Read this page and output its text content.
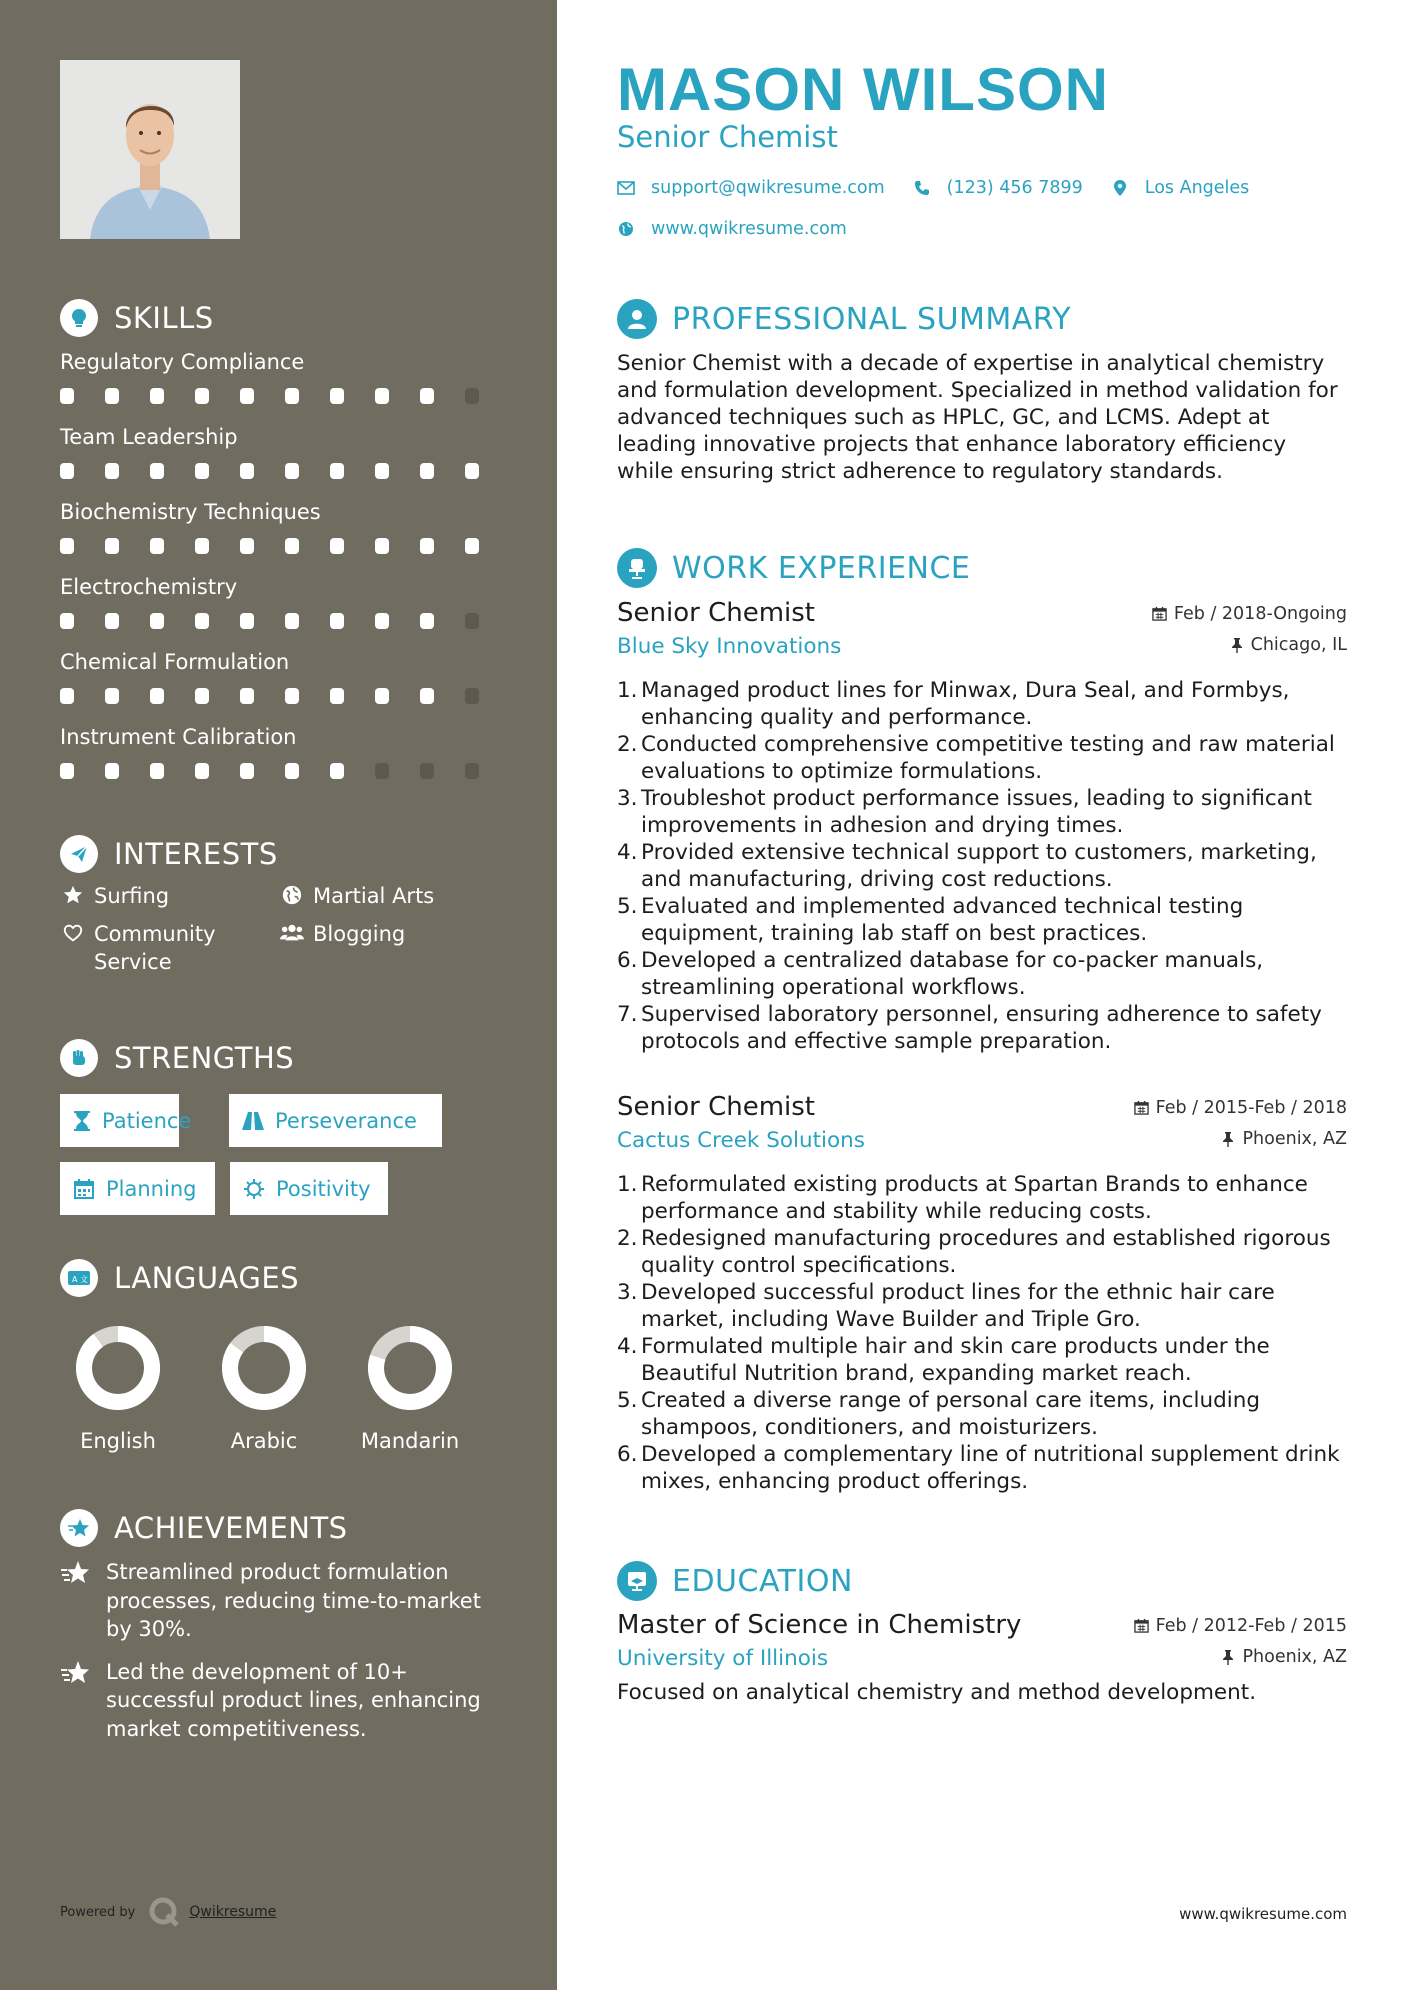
SKILLS
Regulatory Compliance
Team Leadership
Biochemistry Techniques
Electrochemistry
Chemical Formulation
Instrument Calibration
INTERESTS
Surfing	Martial Arts
Community Service
Blogging
STRENGTHS
Patience	Perseverance
Planning	Positivity
A 文 LANGUAGES
English	Arabic	Mandarin
ACHIEVEMENTS
Streamlined product formulation processes, reducing time-to-market by 30%.
Led the development of 10+ successful product lines, enhancing market competitiveness.
Powered by	Qwikresume
MASON WILSON
Senior Chemist
support@qwikresume.com	(123) 456 7899	Los Angeles
www.qwikresume.com
PROFESSIONAL SUMMARY
Senior Chemist with a decade of expertise in analytical chemistry and formulation development. Specialized in method validation for advanced techniques such as HPLC, GC, and LCMS. Adept at leading innovative projects that enhance laboratory efficiency while ensuring strict adherence to regulatory standards.
WORK EXPERIENCE
Senior Chemist	Feb / 2018-Ongoing
Blue Sky Innovations	Chicago, IL
1. Managed product lines for Minwax, Dura Seal, and Formbys, enhancing quality and performance.
2. Conducted comprehensive competitive testing and raw material evaluations to optimize formulations.
3. Troubleshot product performance issues, leading to significant improvements in adhesion and drying times.
4. Provided extensive technical support to customers, marketing, and manufacturing, driving cost reductions.
5. Evaluated and implemented advanced technical testing equipment, training lab staff on best practices.
6. Developed a centralized database for co-packer manuals, streamlining operational workflows.
7. Supervised laboratory personnel, ensuring adherence to safety protocols and effective sample preparation.
Senior Chemist	Feb / 2015-Feb / 2018
Cactus Creek Solutions	Phoenix, AZ
1. Reformulated existing products at Spartan Brands to enhance performance and stability while reducing costs.
2. Redesigned manufacturing procedures and established rigorous quality control specifications.
3. Developed successful product lines for the ethnic hair care market, including Wave Builder and Triple Gro.
4. Formulated multiple hair and skin care products under the Beautiful Nutrition brand, expanding market reach.
5. Created a diverse range of personal care items, including shampoos, conditioners, and moisturizers.
6. Developed a complementary line of nutritional supplement drink mixes, enhancing product offerings.
EDUCATION
Master of Science in Chemistry	Feb / 2012-Feb / 2015
University of Illinois	Phoenix, AZ
Focused on analytical chemistry and method development.
www.qwikresume.com
